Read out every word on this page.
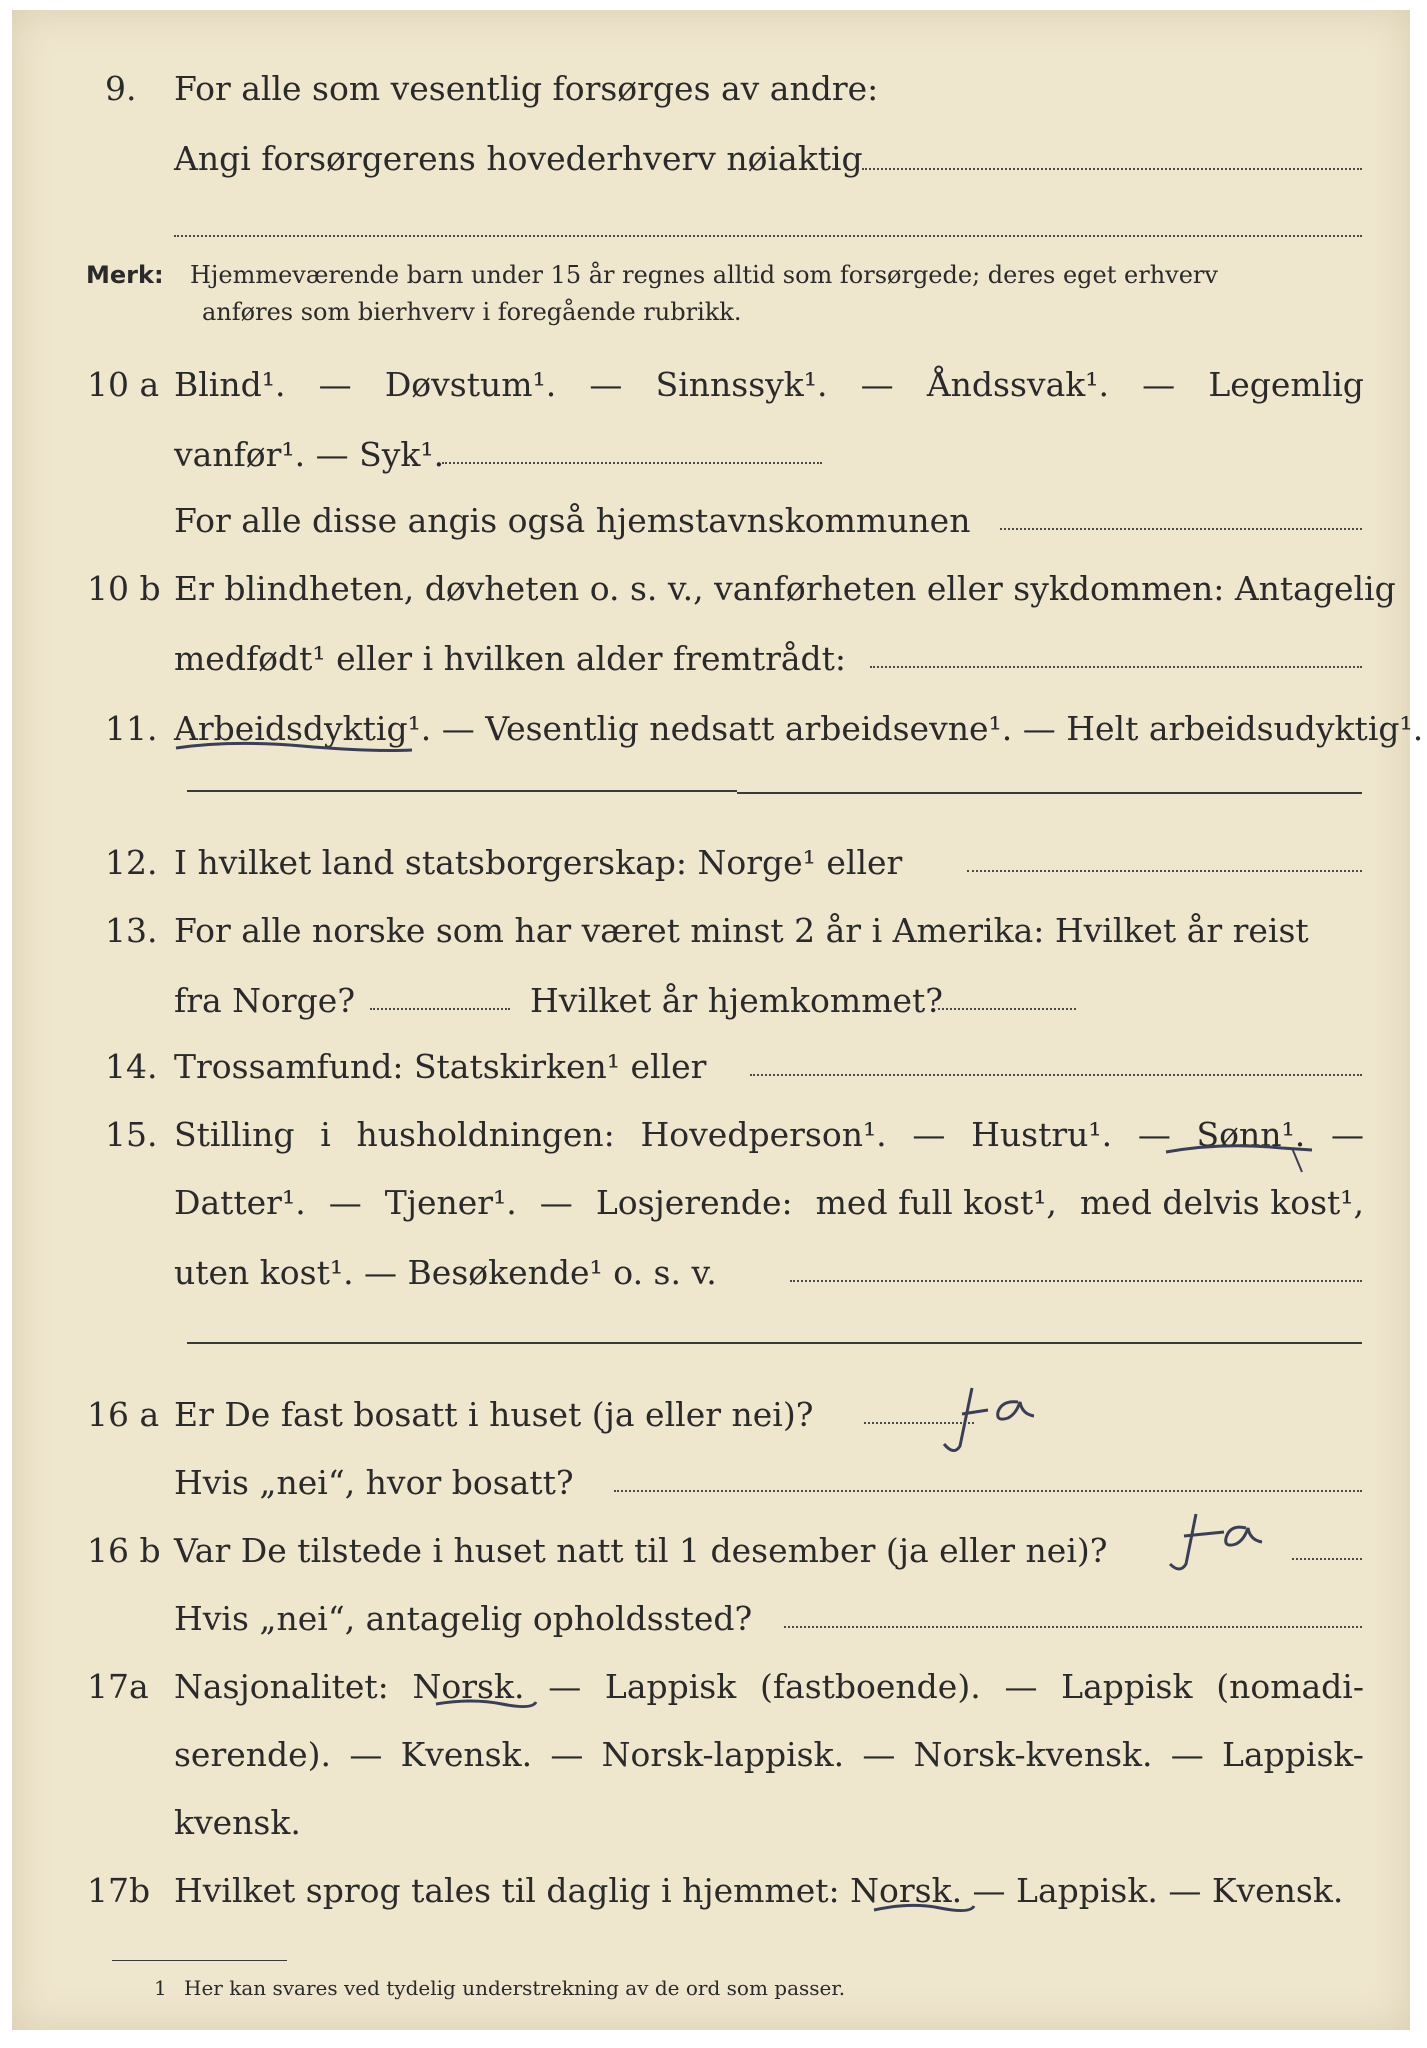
9. For alle som vesentlig forsørges av andre:
Angi forsørgerens hovederhverv nøiaktig
Merk: Hjemmeværende barn under 15 år regnes alltid som forsørgede; deres eget erhverv
anføres som bierhverv i foregående rubrikk.
10 a Blind¹. — Døvstum¹. — Sinnssyk¹. — Åndssvak¹. — Legemlig
vanfør¹. — Syk¹.
For alle disse angis også hjemstavnskommunen
10 b Er blindheten, døvheten o. s. v., vanførheten eller sykdommen: Antagelig
medfødt¹ eller i hvilken alder fremtrådt:
11. Arbeidsdyktig¹. — Vesentlig nedsatt arbeidsevne¹. — Helt arbeidsudyktig¹.
12. I hvilket land statsborgerskap: Norge¹ eller
13. For alle norske som har været minst 2 år i Amerika: Hvilket år reist
fra Norge?	Hvilket år hjemkommet?
14. Trossamfund: Statskirken¹ eller
15. Stilling i husholdningen: Hovedperson¹. — Hustru¹. — Sønn¹. —
Datter¹. — Tjener¹. — Losjerende: med full kost¹, med delvis kost¹,
uten kost¹. — Besøkende¹ o. s. v.
16 a Er De fast bosatt i huset (ja eller nei)?
Hvis „nei“, hvor bosatt?
16 b Var De tilstede i huset natt til 1 desember (ja eller nei)?
Hvis „nei“, antagelig opholdssted?
17a Nasjonalitet: Norsk. — Lappisk (fastboende). — Lappisk (nomadi-
serende). — Kvensk. — Norsk-lappisk. — Norsk-kvensk. — Lappisk-
kvensk.
17b Hvilket sprog tales til daglig i hjemmet: Norsk. — Lappisk. — Kvensk.
1 Her kan svares ved tydelig understrekning av de ord som passer.
